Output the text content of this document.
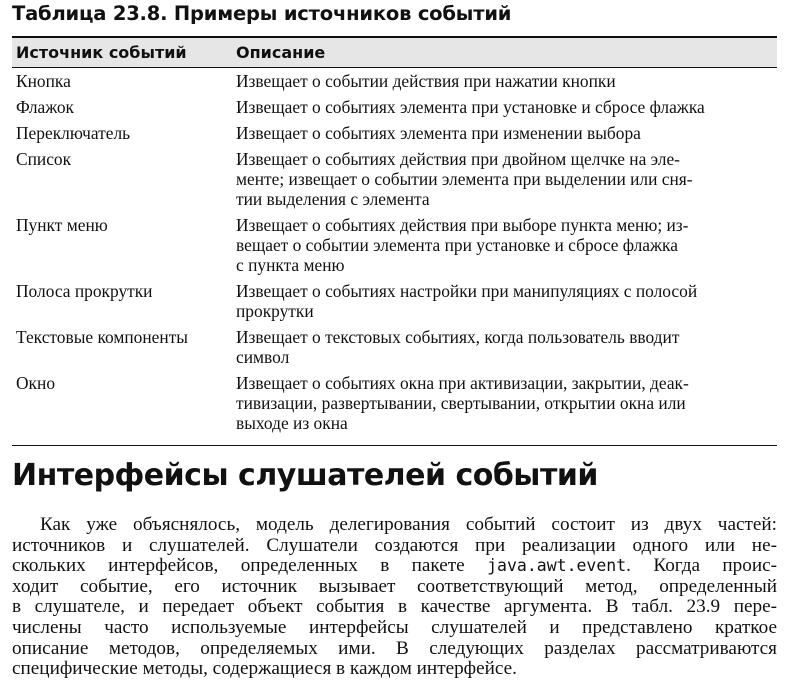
Таблица 23.8. Примеры источников событий
Источник событий	Описание
Кнопка	Извещает о событии действия при нажатии кнопки
Флажок	Извещает о событиях элемента при установке и сбросе флажка
Переключатель	Извещает о событиях элемента при изменении выбора
Список	Извещает о событиях действия при двойном щелчке на эле-
менте; извещает о событии элемента при выделении или сня-
тии выделения с элемента
Пункт меню	Извещает о событиях действия при выборе пункта меню; из-
вещает о событии элемента при установке и сбросе флажка
с пункта меню
Полоса прокрутки	Извещает о событиях настройки при манипуляциях с полосой
прокрутки
Текстовые компоненты	Извещает о текстовых событиях, когда пользователь вводит
символ
Окно	Извещает о событиях окна при активизации, закрытии, деак-
тивизации, развертывании, свертывании, открытии окна или
выходе из окна
Интерфейсы слушателей событий
Как уже объяснялось, модель делегирования событий состоит из двух частей:
источников и слушателей. Слушатели создаются при реализации одного или не-
скольких интерфейсов, определенных в пакете java.awt.event. Когда проис-
ходит событие, его источник вызывает соответствующий метод, определенный
в слушателе, и передает объект события в качестве аргумента. В табл. 23.9 пере-
числены часто используемые интерфейсы слушателей и представлено краткое
описание методов, определяемых ими. В следующих разделах рассматриваются
специфические методы, содержащиеся в каждом интерфейсе.
